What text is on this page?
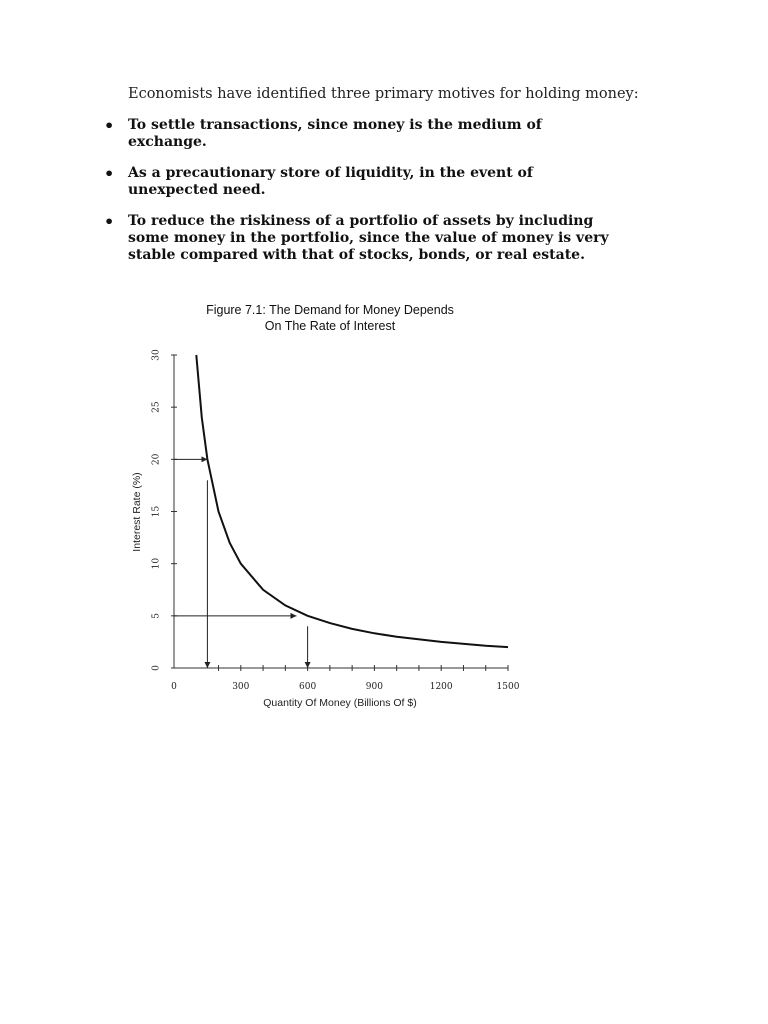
Economists have identified three primary motives for holding money:
• To settle transactions, since money is the medium of
exchange.
• As a precautionary store of liquidity, in the event of
unexpected need.
• To reduce the riskiness of a portfolio of assets by including
some money in the portfolio, since the value of money is very
stable compared with that of stocks, bonds, or real estate.
Figure 7.1: The Demand for Money Depends
On The Rate of Interest
0	300	600	900	1200	1500
0
5
10
15
20
25
30
Quantity Of Money (Billions Of $)
Interest Rate (%)
